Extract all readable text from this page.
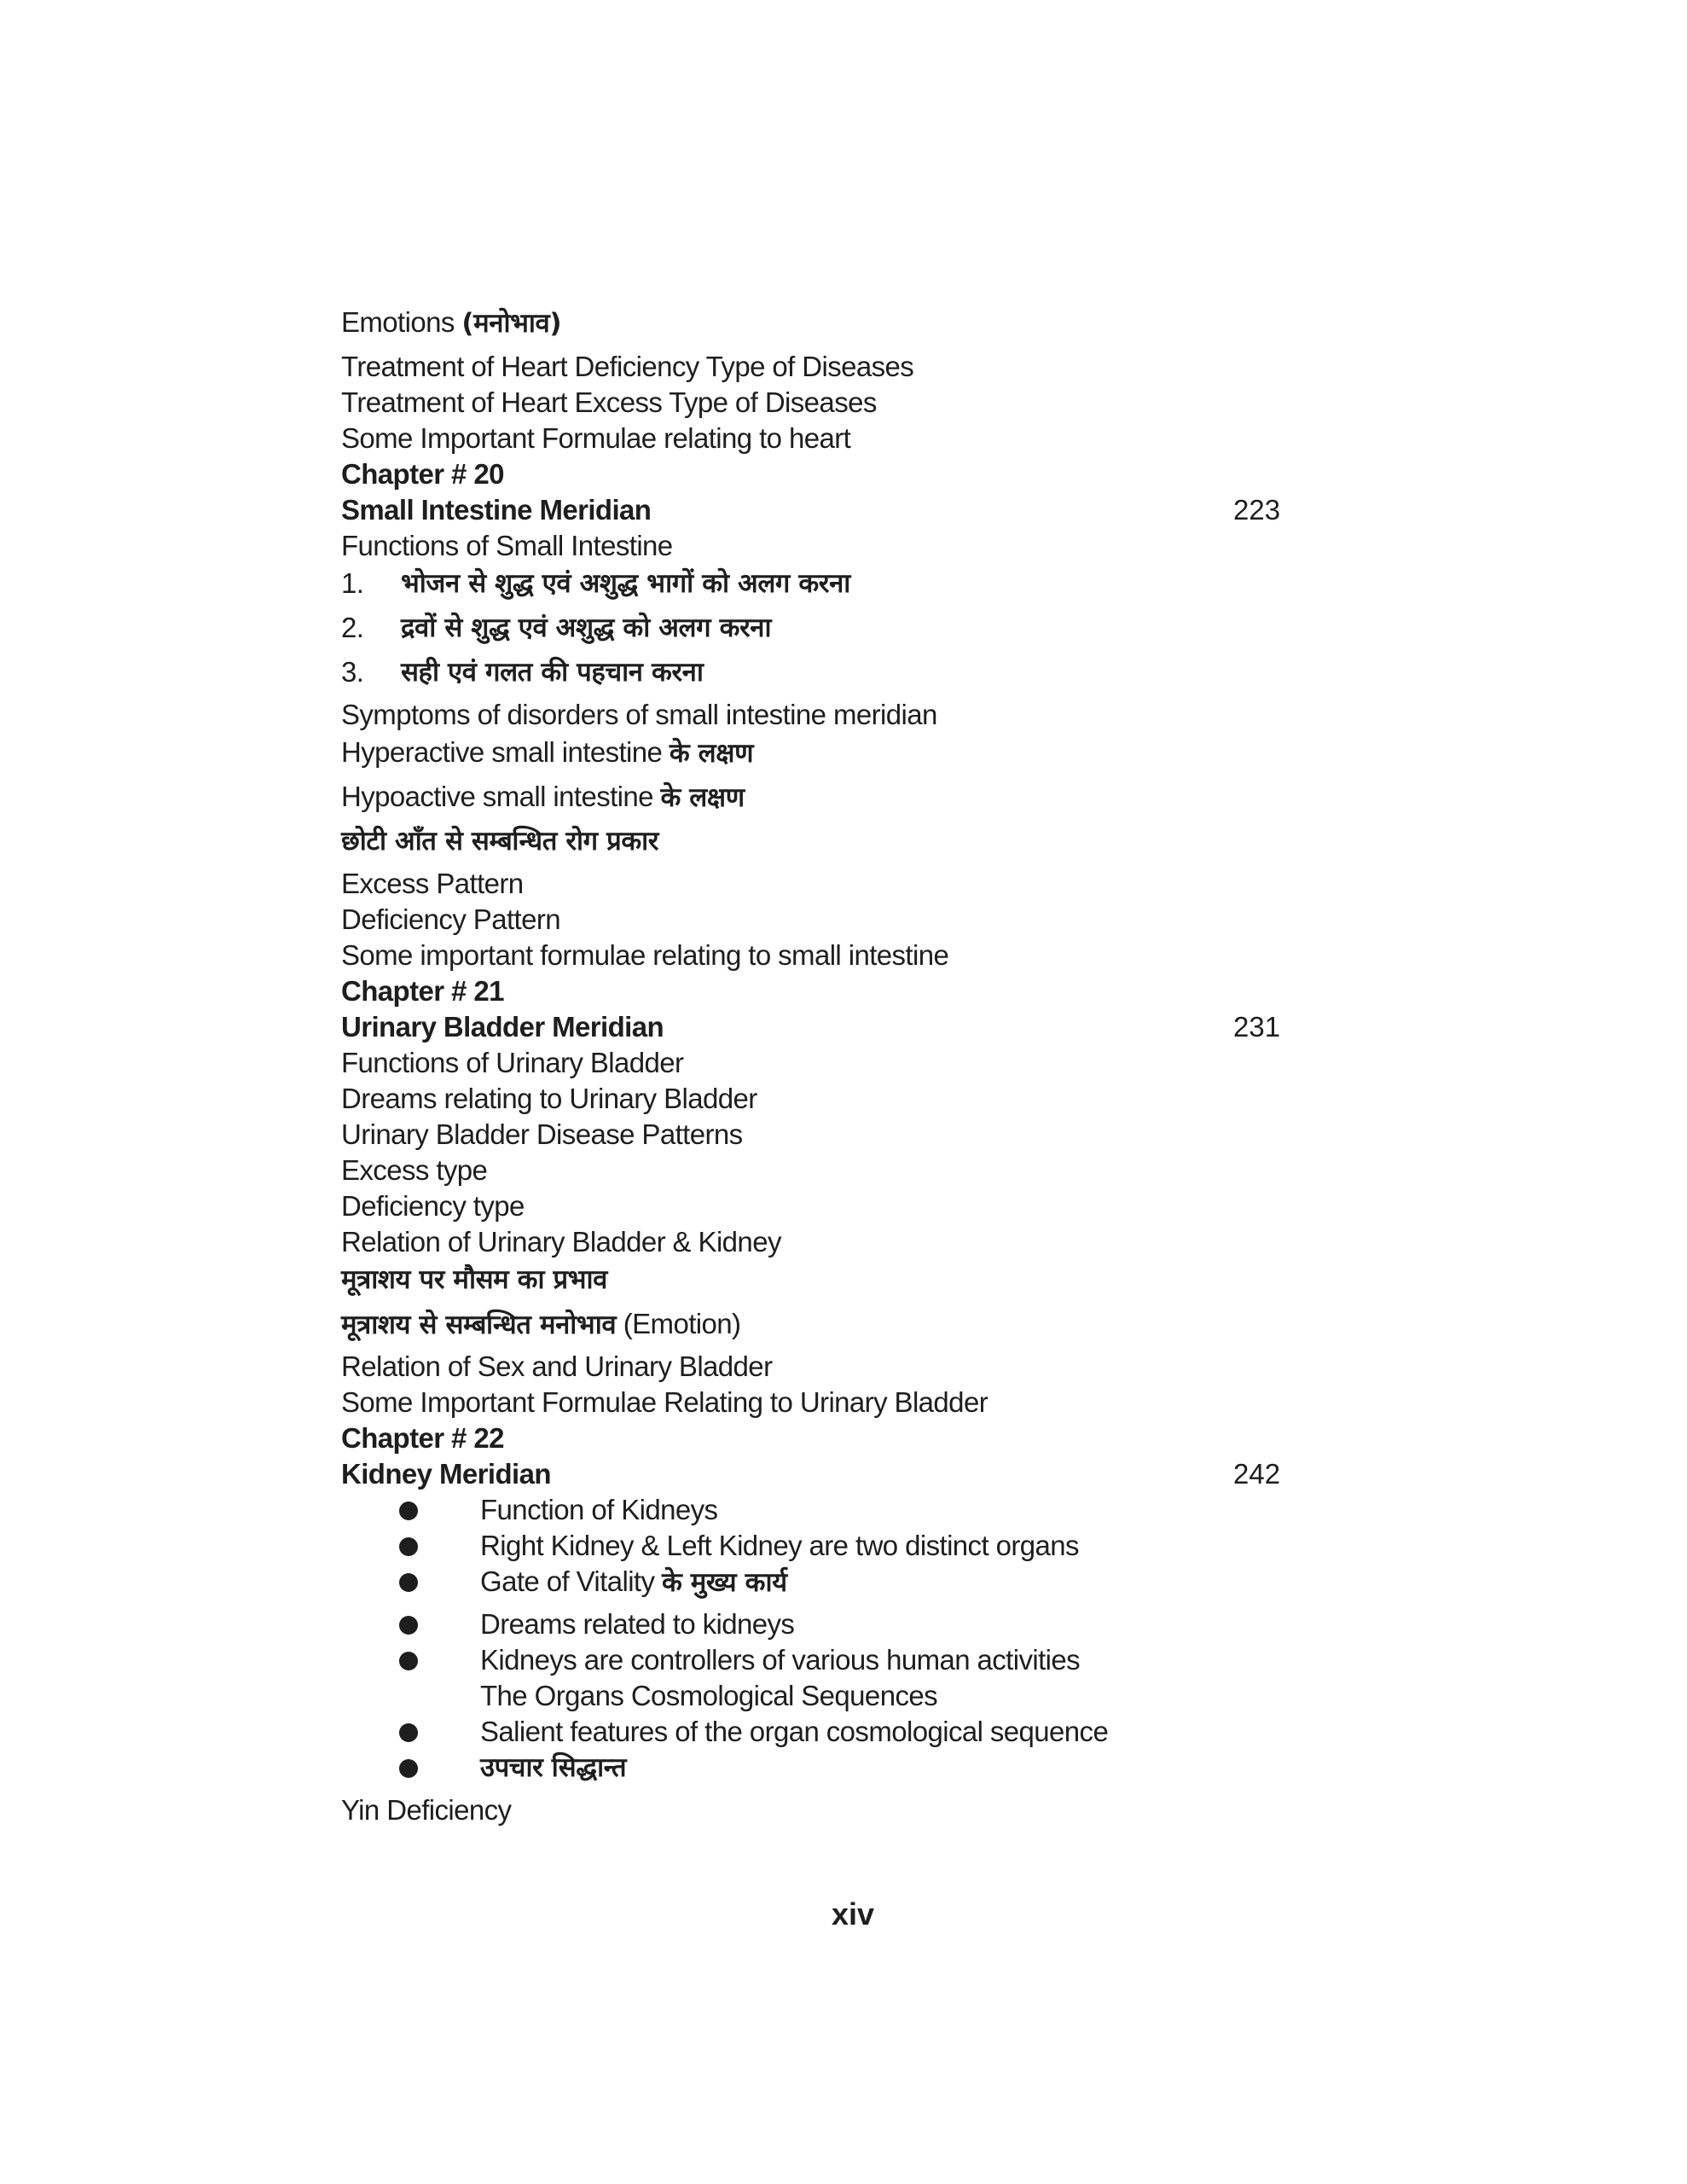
Emotions (मनोभाव)
Treatment of Heart Deficiency Type of Diseases
Treatment of Heart Excess Type of Diseases
Some Important Formulae relating to heart
Chapter # 20
Small Intestine Meridian	223
Functions of Small Intestine
1. भोजन से शुद्ध एवं अशुद्ध भागों को अलग करना
2. द्रवों से शुद्ध एवं अशुद्ध को अलग करना
3. सही एवं गलत की पहचान करना
Symptoms of disorders of small intestine meridian
Hyperactive small intestine के लक्षण
Hypoactive small intestine के लक्षण
छोटी आँत से सम्बन्धित रोग प्रकार
Excess Pattern
Deficiency Pattern
Some important formulae relating to small intestine
Chapter # 21
Urinary Bladder Meridian	231
Functions of Urinary Bladder
Dreams relating to Urinary Bladder
Urinary Bladder Disease Patterns
Excess type
Deficiency type
Relation of Urinary Bladder & Kidney
मूत्राशय पर मौसम का प्रभाव
मूत्राशय से सम्बन्धित मनोभाव (Emotion)
Relation of Sex and Urinary Bladder
Some Important Formulae Relating to Urinary Bladder
Chapter # 22
Kidney Meridian	242
Function of Kidneys
Right Kidney & Left Kidney are two distinct organs
Gate of Vitality के मुख्य कार्य
Dreams related to kidneys
Kidneys are controllers of various human activities
The Organs Cosmological Sequences
Salient features of the organ cosmological sequence
उपचार सिद्धान्त
Yin Deficiency
xiv
